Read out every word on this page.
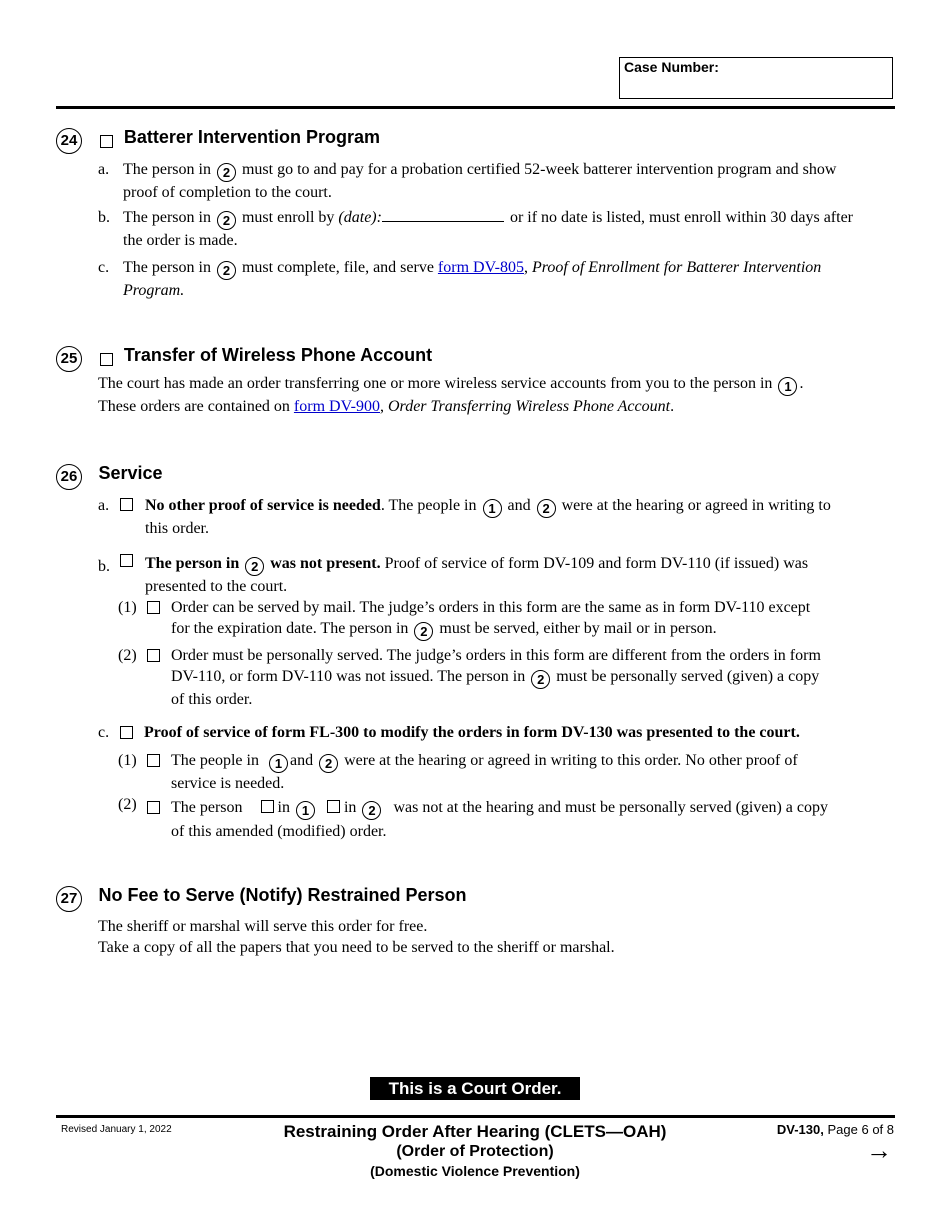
Case Number:
24	Batterer Intervention Program
a. The person in 2 must go to and pay for a probation certified 52-week batterer intervention program and show
proof of completion to the court.
b. The person in 2 must enroll by (date):	or if no date is listed, must enroll within 30 days after
the order is made.
c. The person in 2 must complete, file, and serve form DV-805, Proof of Enrollment for Batterer Intervention
Program.
25	Transfer of Wireless Phone Account
The court has made an order transferring one or more wireless service accounts from you to the person in 1 .
These orders are contained on form DV-900, Order Transferring Wireless Phone Account.
26 Service
a.	No other proof of service is needed. The people in 1 and 2 were at the hearing or agreed in writing to
this order.
b.	The person in 2 was not present. Proof of service of form DV-109 and form DV-110 (if issued) was
presented to the court.
(1) Order can be served by mail. The judge’s orders in this form are the same as in form DV-110 except
for the expiration date. The person in 2 must be served, either by mail or in person.
(2) Order must be personally served. The judge’s orders in this form are different from the orders in form
DV-110, or form DV-110 was not issued. The person in 2 must be personally served (given) a copy
of this order.
c.	Proof of service of form FL-300 to modify the orders in form DV-130 was presented to the court.
(1) The people in 1 and 2 were at the hearing or agreed in writing to this order. No other proof of
service is needed.
(2) The person in 1 in 2 was not at the hearing and must be personally served (given) a copy
of this amended (modified) order.
27 No Fee to Serve (Notify) Restrained Person
The sheriff or marshal will serve this order for free.
Take a copy of all the papers that you need to be served to the sheriff or marshal.
This is a Court Order.
Revised January 1, 2022	Restraining Order After Hearing (CLETS—OAH)
(Order of Protection)
(Domestic Violence Prevention)
DV-130, Page 6 of 8
→
